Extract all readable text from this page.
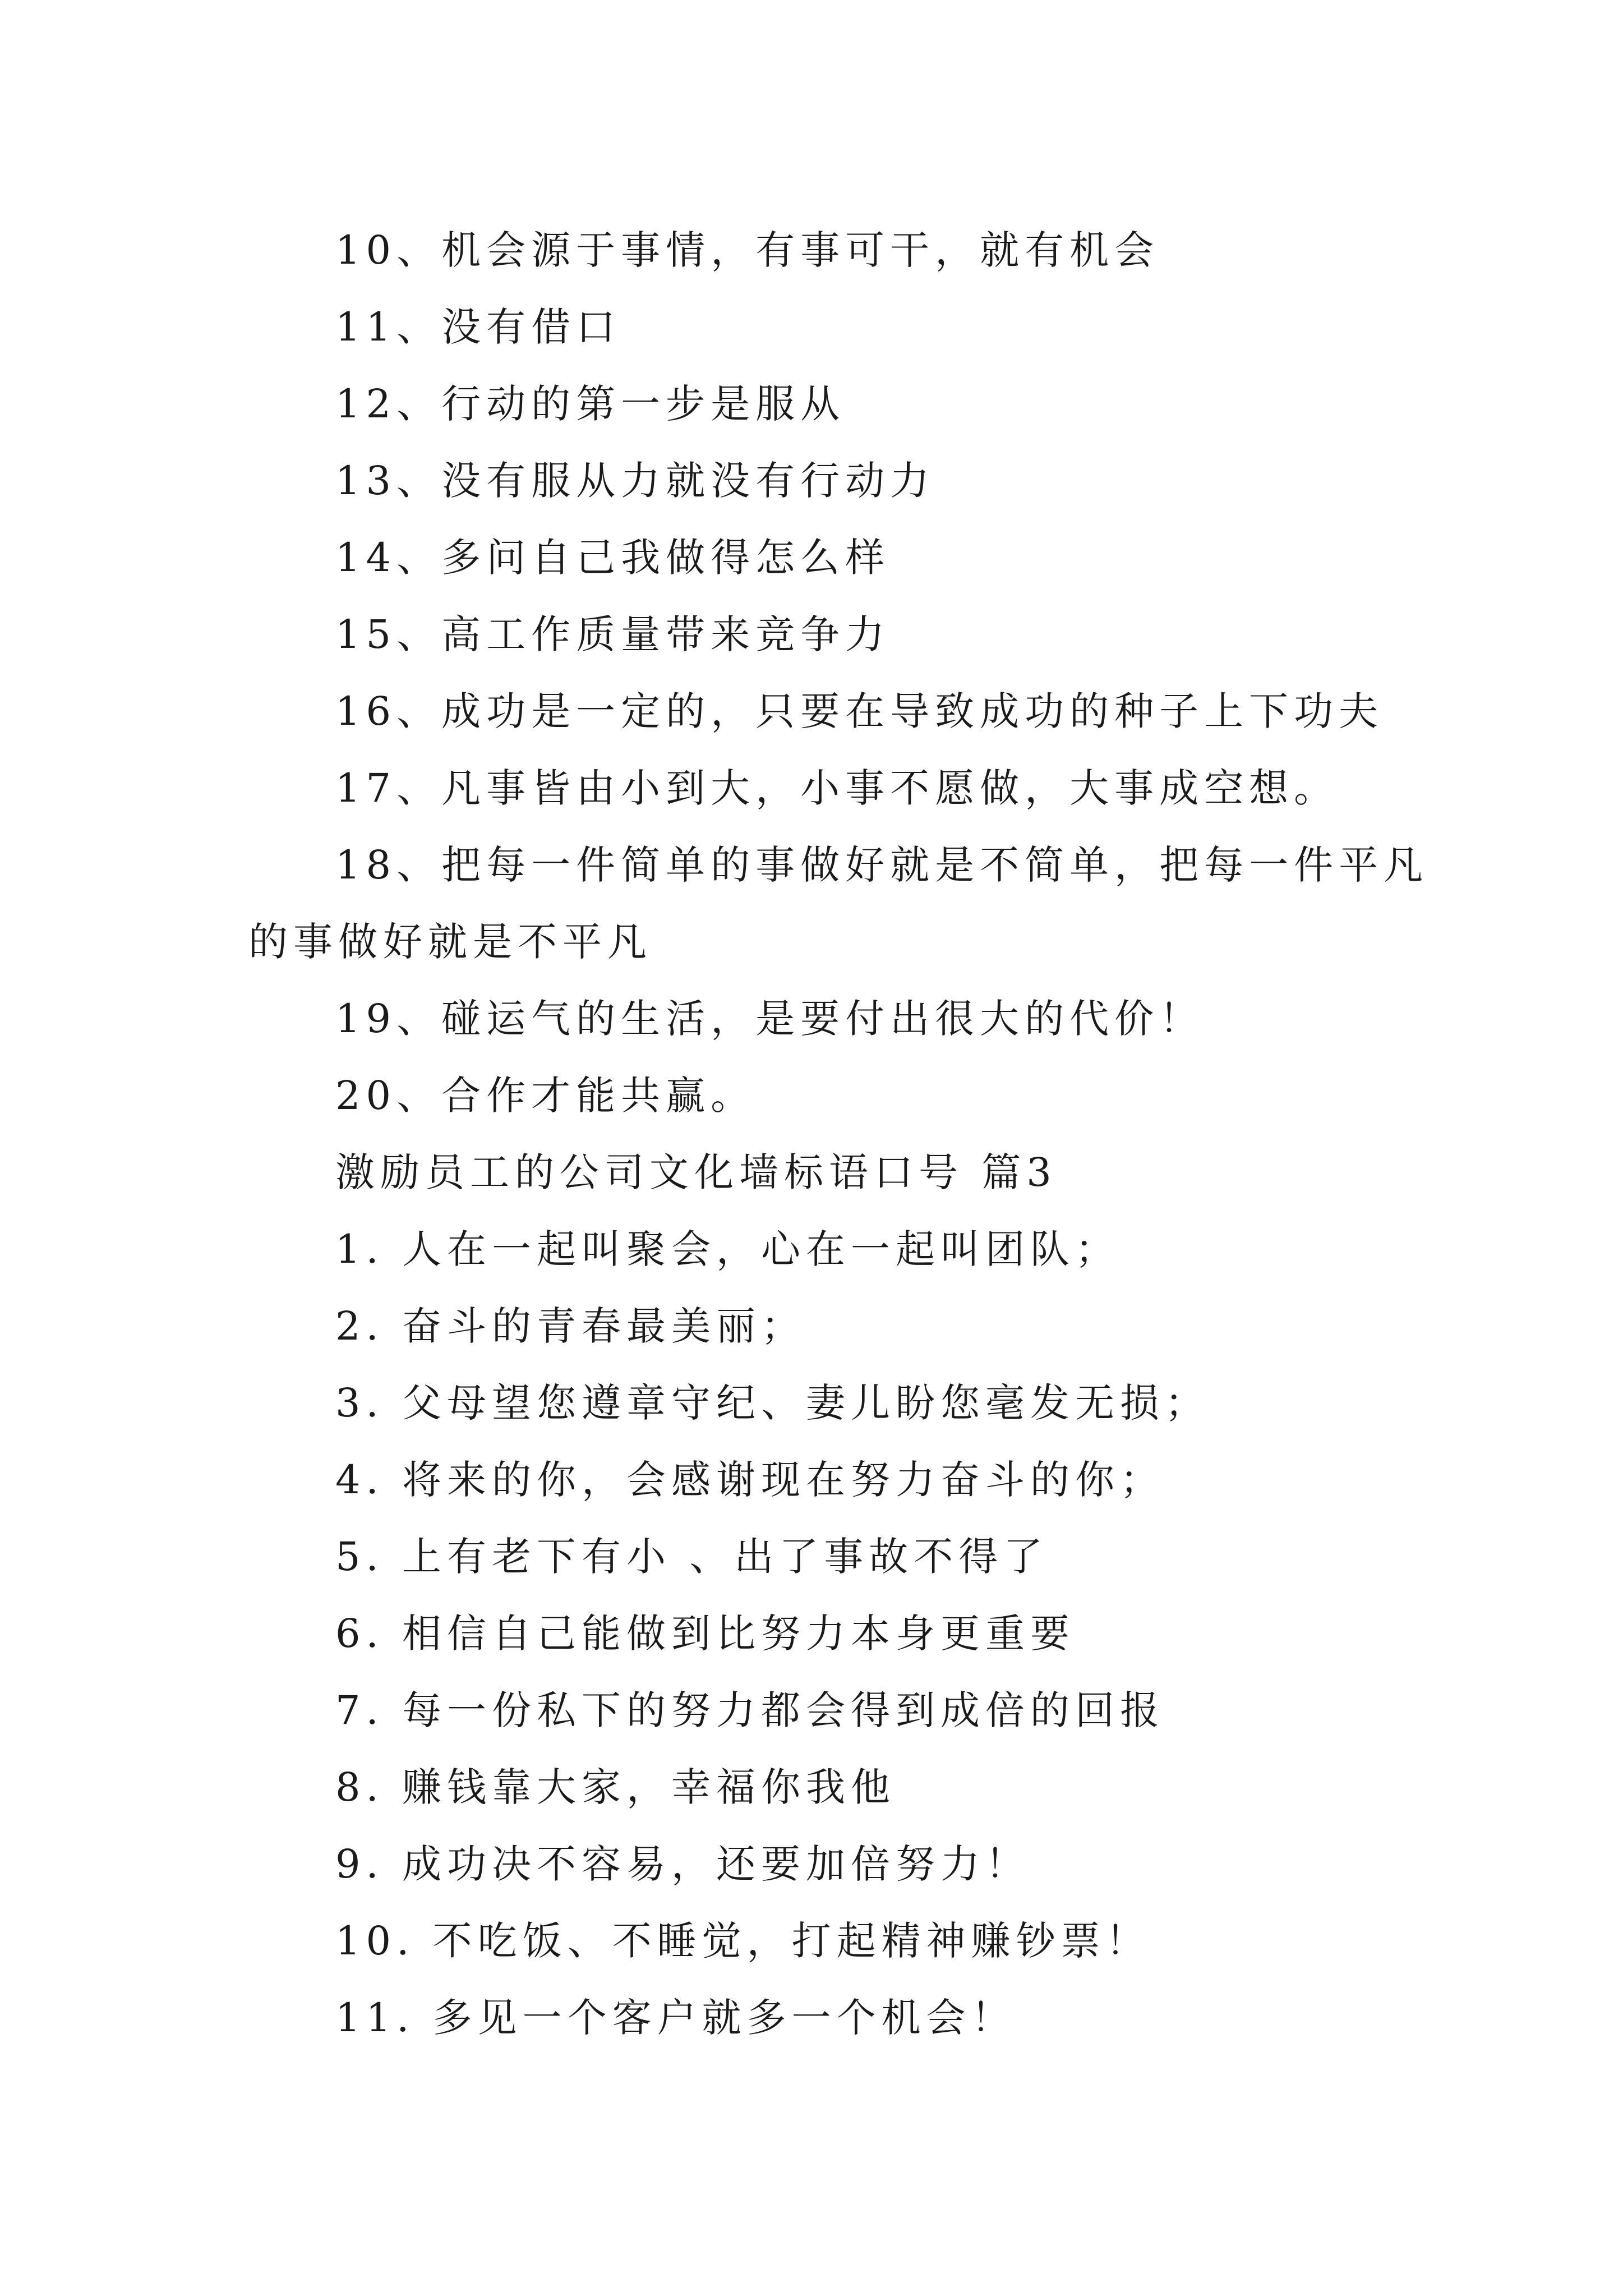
10、机会源于事情，有事可干，就有机会
11、没有借口
12、行动的第一步是服从
13、没有服从力就没有行动力
14、多问自己我做得怎么样
15、高工作质量带来竞争力
16、成功是一定的，只要在导致成功的种子上下功夫
17、凡事皆由小到大，小事不愿做，大事成空想。
18、把每一件简单的事做好就是不简单，把每一件平凡
的事做好就是不平凡
19、碰运气的生活，是要付出很大的代价！
20、合作才能共赢。
激励员工的公司文化墙标语口号 篇3
1. 人在一起叫聚会，心在一起叫团队；
2. 奋斗的青春最美丽；
3. 父母望您遵章守纪、妻儿盼您毫发无损；
4. 将来的你，会感谢现在努力奋斗的你；
5. 上有老下有小 、出了事故不得了
6. 相信自己能做到比努力本身更重要
7. 每一份私下的努力都会得到成倍的回报
8. 赚钱靠大家，幸福你我他
9. 成功决不容易，还要加倍努力！
10. 不吃饭、不睡觉，打起精神赚钞票！
11. 多见一个客户就多一个机会！
